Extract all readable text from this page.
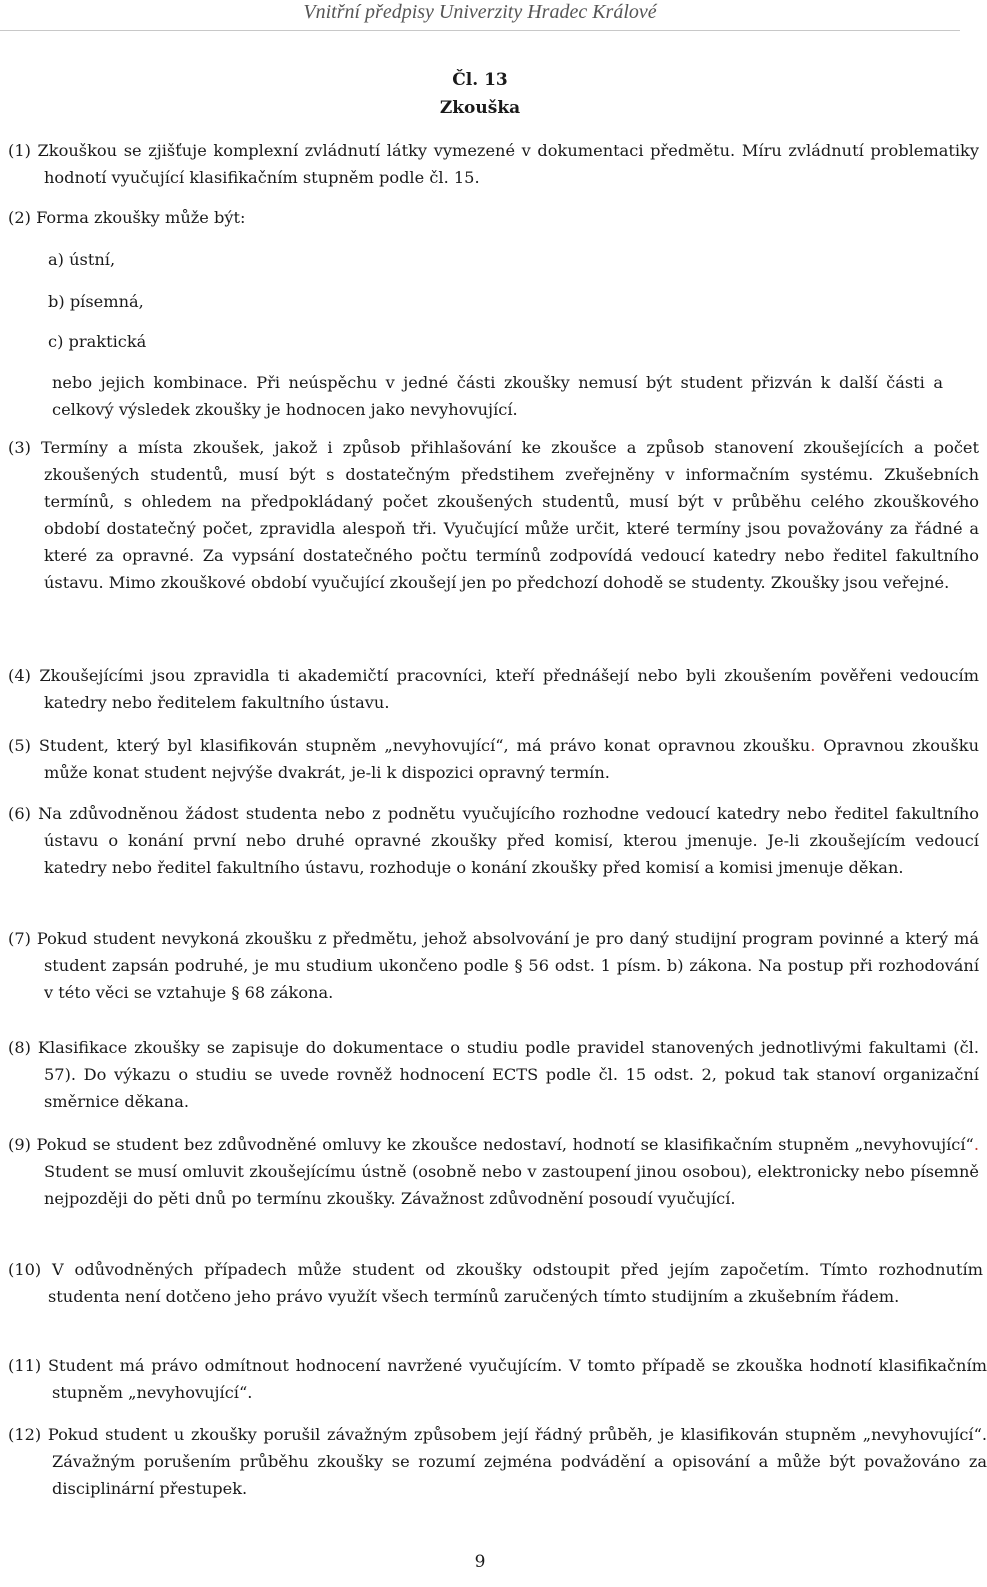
Vnitřní předpisy Univerzity Hradec Králové
Čl. 13
Zkouška

(1) Zkouškou se zjišťuje komplexní zvládnutí látky vymezené v dokumentaci předmětu. Míru zvládnutí problematiky hodnotí vyučující klasifikačním stupněm podle čl. 15.

(2) Forma zkoušky může být:

a) ústní,
b) písemná,
c) praktická

nebo jejich kombinace. Při neúspěchu v jedné části zkoušky nemusí být student přizván k další části a celkový výsledek zkoušky je hodnocen jako nevyhovující.

(3) Termíny a místa zkoušek, jakož i způsob přihlašování ke zkoušce a způsob stanovení zkoušejících a počet zkoušených studentů, musí být s dostatečným předstihem zveřejněny v informačním systému. Zkušebních termínů, s ohledem na předpokládaný počet zkoušených studentů, musí být v průběhu celého zkouškového období dostatečný počet, zpravidla alespoň tři. Vyučující může určit, které termíny jsou považovány za řádné a které za opravné. Za vypsání dostatečného počtu termínů zodpovídá vedoucí katedry nebo ředitel fakultního ústavu. Mimo zkouškové období vyučující zkoušejí jen po předchozí dohodě se studenty. Zkoušky jsou veřejné.

(4) Zkoušejícími jsou zpravidla ti akademičtí pracovníci, kteří přednášejí nebo byli zkoušením pověřeni vedoucím katedry nebo ředitelem fakultního ústavu.

(5) Student, který byl klasifikován stupněm „nevyhovující“, má právo konat opravnou zkoušku. Opravnou zkoušku může konat student nejvýše dvakrát, je-li k dispozici opravný termín.

(6) Na zdůvodněnou žádost studenta nebo z podnětu vyučujícího rozhodne vedoucí katedry nebo ředitel fakultního ústavu o konání první nebo druhé opravné zkoušky před komisí, kterou jmenuje. Je-li zkoušejícím vedoucí katedry nebo ředitel fakultního ústavu, rozhoduje o konání zkoušky před komisí a komisi jmenuje děkan.

(7) Pokud student nevykoná zkoušku z předmětu, jehož absolvování je pro daný studijní program povinné a který má student zapsán podruhé, je mu studium ukončeno podle § 56 odst. 1 písm. b) zákona. Na postup při rozhodování v této věci se vztahuje § 68 zákona.

(8) Klasifikace zkoušky se zapisuje do dokumentace o studiu podle pravidel stanovených jednotlivými fakultami (čl. 57). Do výkazu o studiu se uvede rovněž hodnocení ECTS podle čl. 15 odst. 2, pokud tak stanoví organizační směrnice děkana.

(9) Pokud se student bez zdůvodněné omluvy ke zkoušce nedostaví, hodnotí se klasifikačním stupněm „nevyhovující“. Student se musí omluvit zkoušejícímu ústně (osobně nebo v zastoupení jinou osobou), elektronicky nebo písemně nejpozději do pěti dnů po termínu zkoušky. Závažnost zdůvodnění posoudí vyučující.

(10) V odůvodněných případech může student od zkoušky odstoupit před jejím započetím. Tímto rozhodnutím studenta není dotčeno jeho právo využít všech termínů zaručených tímto studijním a zkušebním řádem.

(11) Student má právo odmítnout hodnocení navržené vyučujícím. V tomto případě se zkouška hodnotí klasifikačním stupněm „nevyhovující“.

(12) Pokud student u zkoušky porušil závažným způsobem její řádný průběh, je klasifikován stupněm „nevyhovující“. Závažným porušením průběhu zkoušky se rozumí zejména podvádění a opisování a může být považováno za disciplinární přestupek.

9
